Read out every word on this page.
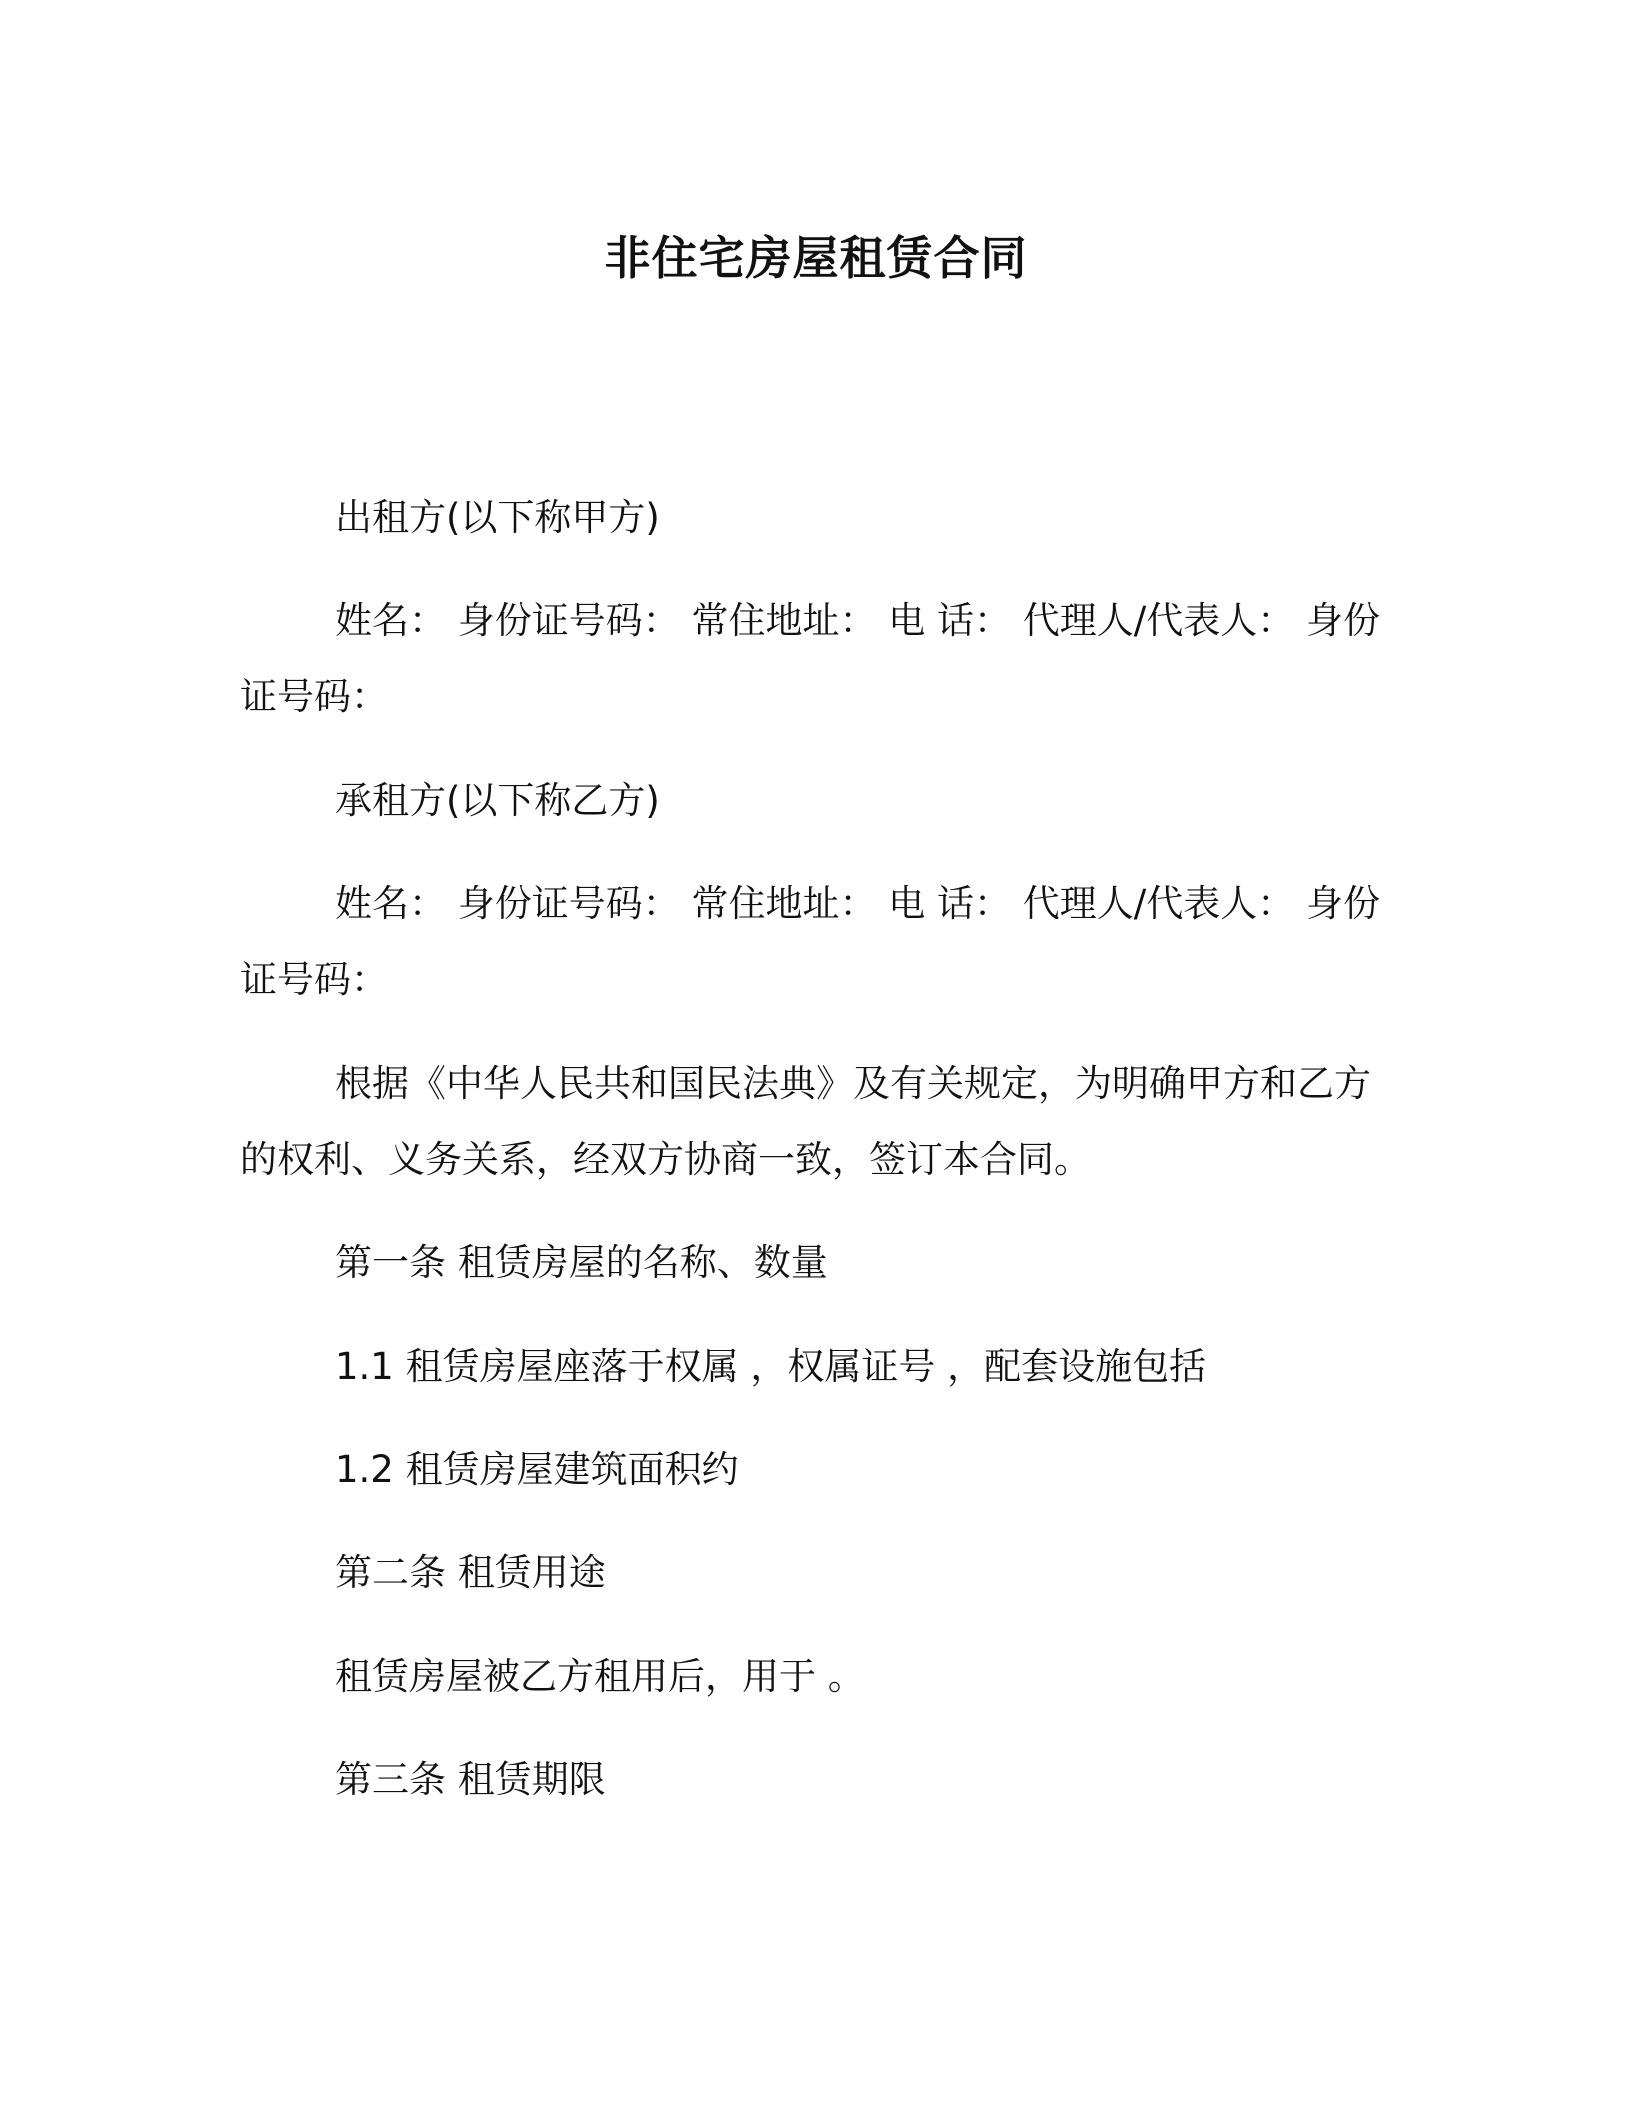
非住宅房屋租赁合同

出租方(以下称甲方)

姓名： 身份证号码： 常住地址： 电 话： 代理人/代表人： 身份

证号码：

承租方(以下称乙方)

姓名： 身份证号码： 常住地址： 电 话： 代理人/代表人： 身份

证号码：

根据《中华人民共和国民法典》及有关规定，为明确甲方和乙方

的权利、义务关系，经双方协商一致，签订本合同。

第一条 租赁房屋的名称、数量

1.1 租赁房屋座落于权属 ，权属证号 ，配套设施包括

1.2 租赁房屋建筑面积约

第二条 租赁用途

租赁房屋被乙方租用后，用于 。

第三条 租赁期限
